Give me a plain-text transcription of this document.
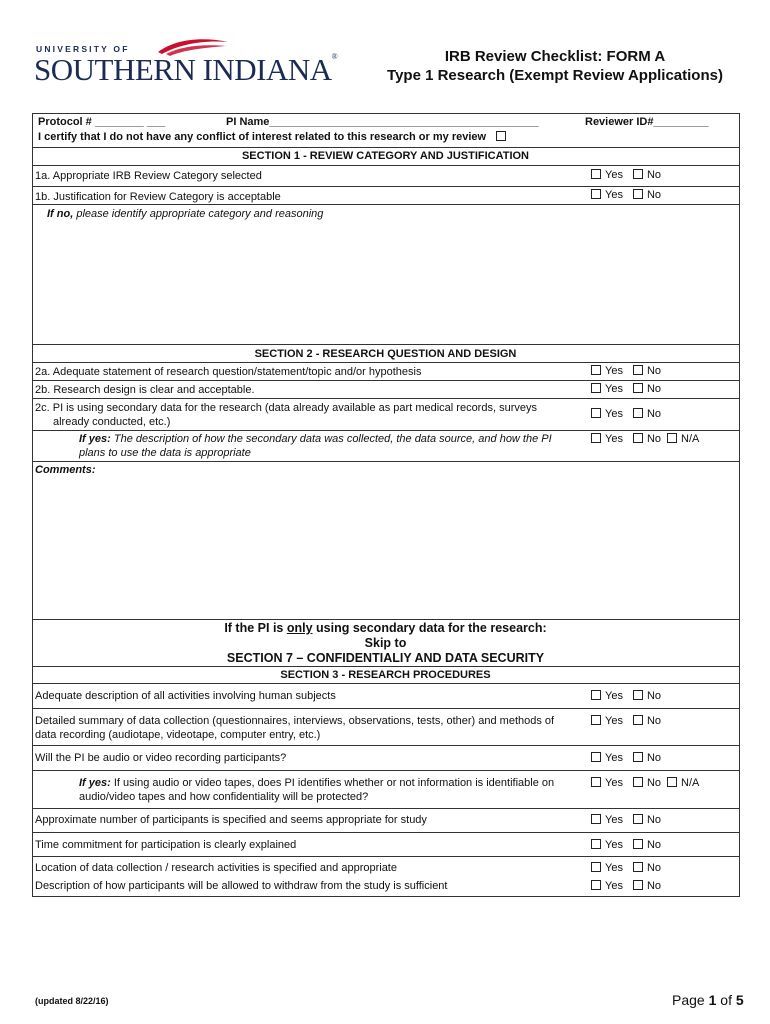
UNIVERSITY OF
SOUTHERN INDIANA®	IRB Review Checklist: FORM A
Type 1 Research (Exempt Review Applications)
Protocol # ________ ___	PI Name____________________________________________	Reviewer ID#_________
I certify that I do not have any conflict of interest related to this research or my review
SECTION 1 - REVIEW CATEGORY AND JUSTIFICATION
1a. Appropriate IRB Review Category selected	Yes No
1b. Justification for Review Category is acceptable	Yes No
If no, please identify appropriate category and reasoning
SECTION 2 - RESEARCH QUESTION AND DESIGN
2a. Adequate statement of research question/statement/topic and/or hypothesis	Yes No
2b. Research design is clear and acceptable.	Yes No
2c. PI is using secondary data for the research (data already available as part medical records, surveys
already conducted, etc.)
Yes No
If yes: The description of how the secondary data was collected, the data source, and how the PI
plans to use the data is appropriate
Yes No N/A
Comments:
If the PI is only using secondary data for the research:
Skip to
SECTION 7 – CONFIDENTIALIY AND DATA SECURITY
SECTION 3 - RESEARCH PROCEDURES
Adequate description of all activities involving human subjects	Yes No
Detailed summary of data collection (questionnaires, interviews, observations, tests, other) and methods of
data recording (audiotape, videotape, computer entry, etc.)
Yes No
Will the PI be audio or video recording participants?	Yes No
If yes: If using audio or video tapes, does PI identifies whether or not information is identifiable on
audio/video tapes and how confidentiality will be protected?
Yes No N/A
Approximate number of participants is specified and seems appropriate for study	Yes No
Time commitment for participation is clearly explained	Yes No
Location of data collection / research activities is specified and appropriate	Yes No
Description of how participants will be allowed to withdraw from the study is sufficient	Yes No
(updated 8/22/16)	Page 1 of 5
